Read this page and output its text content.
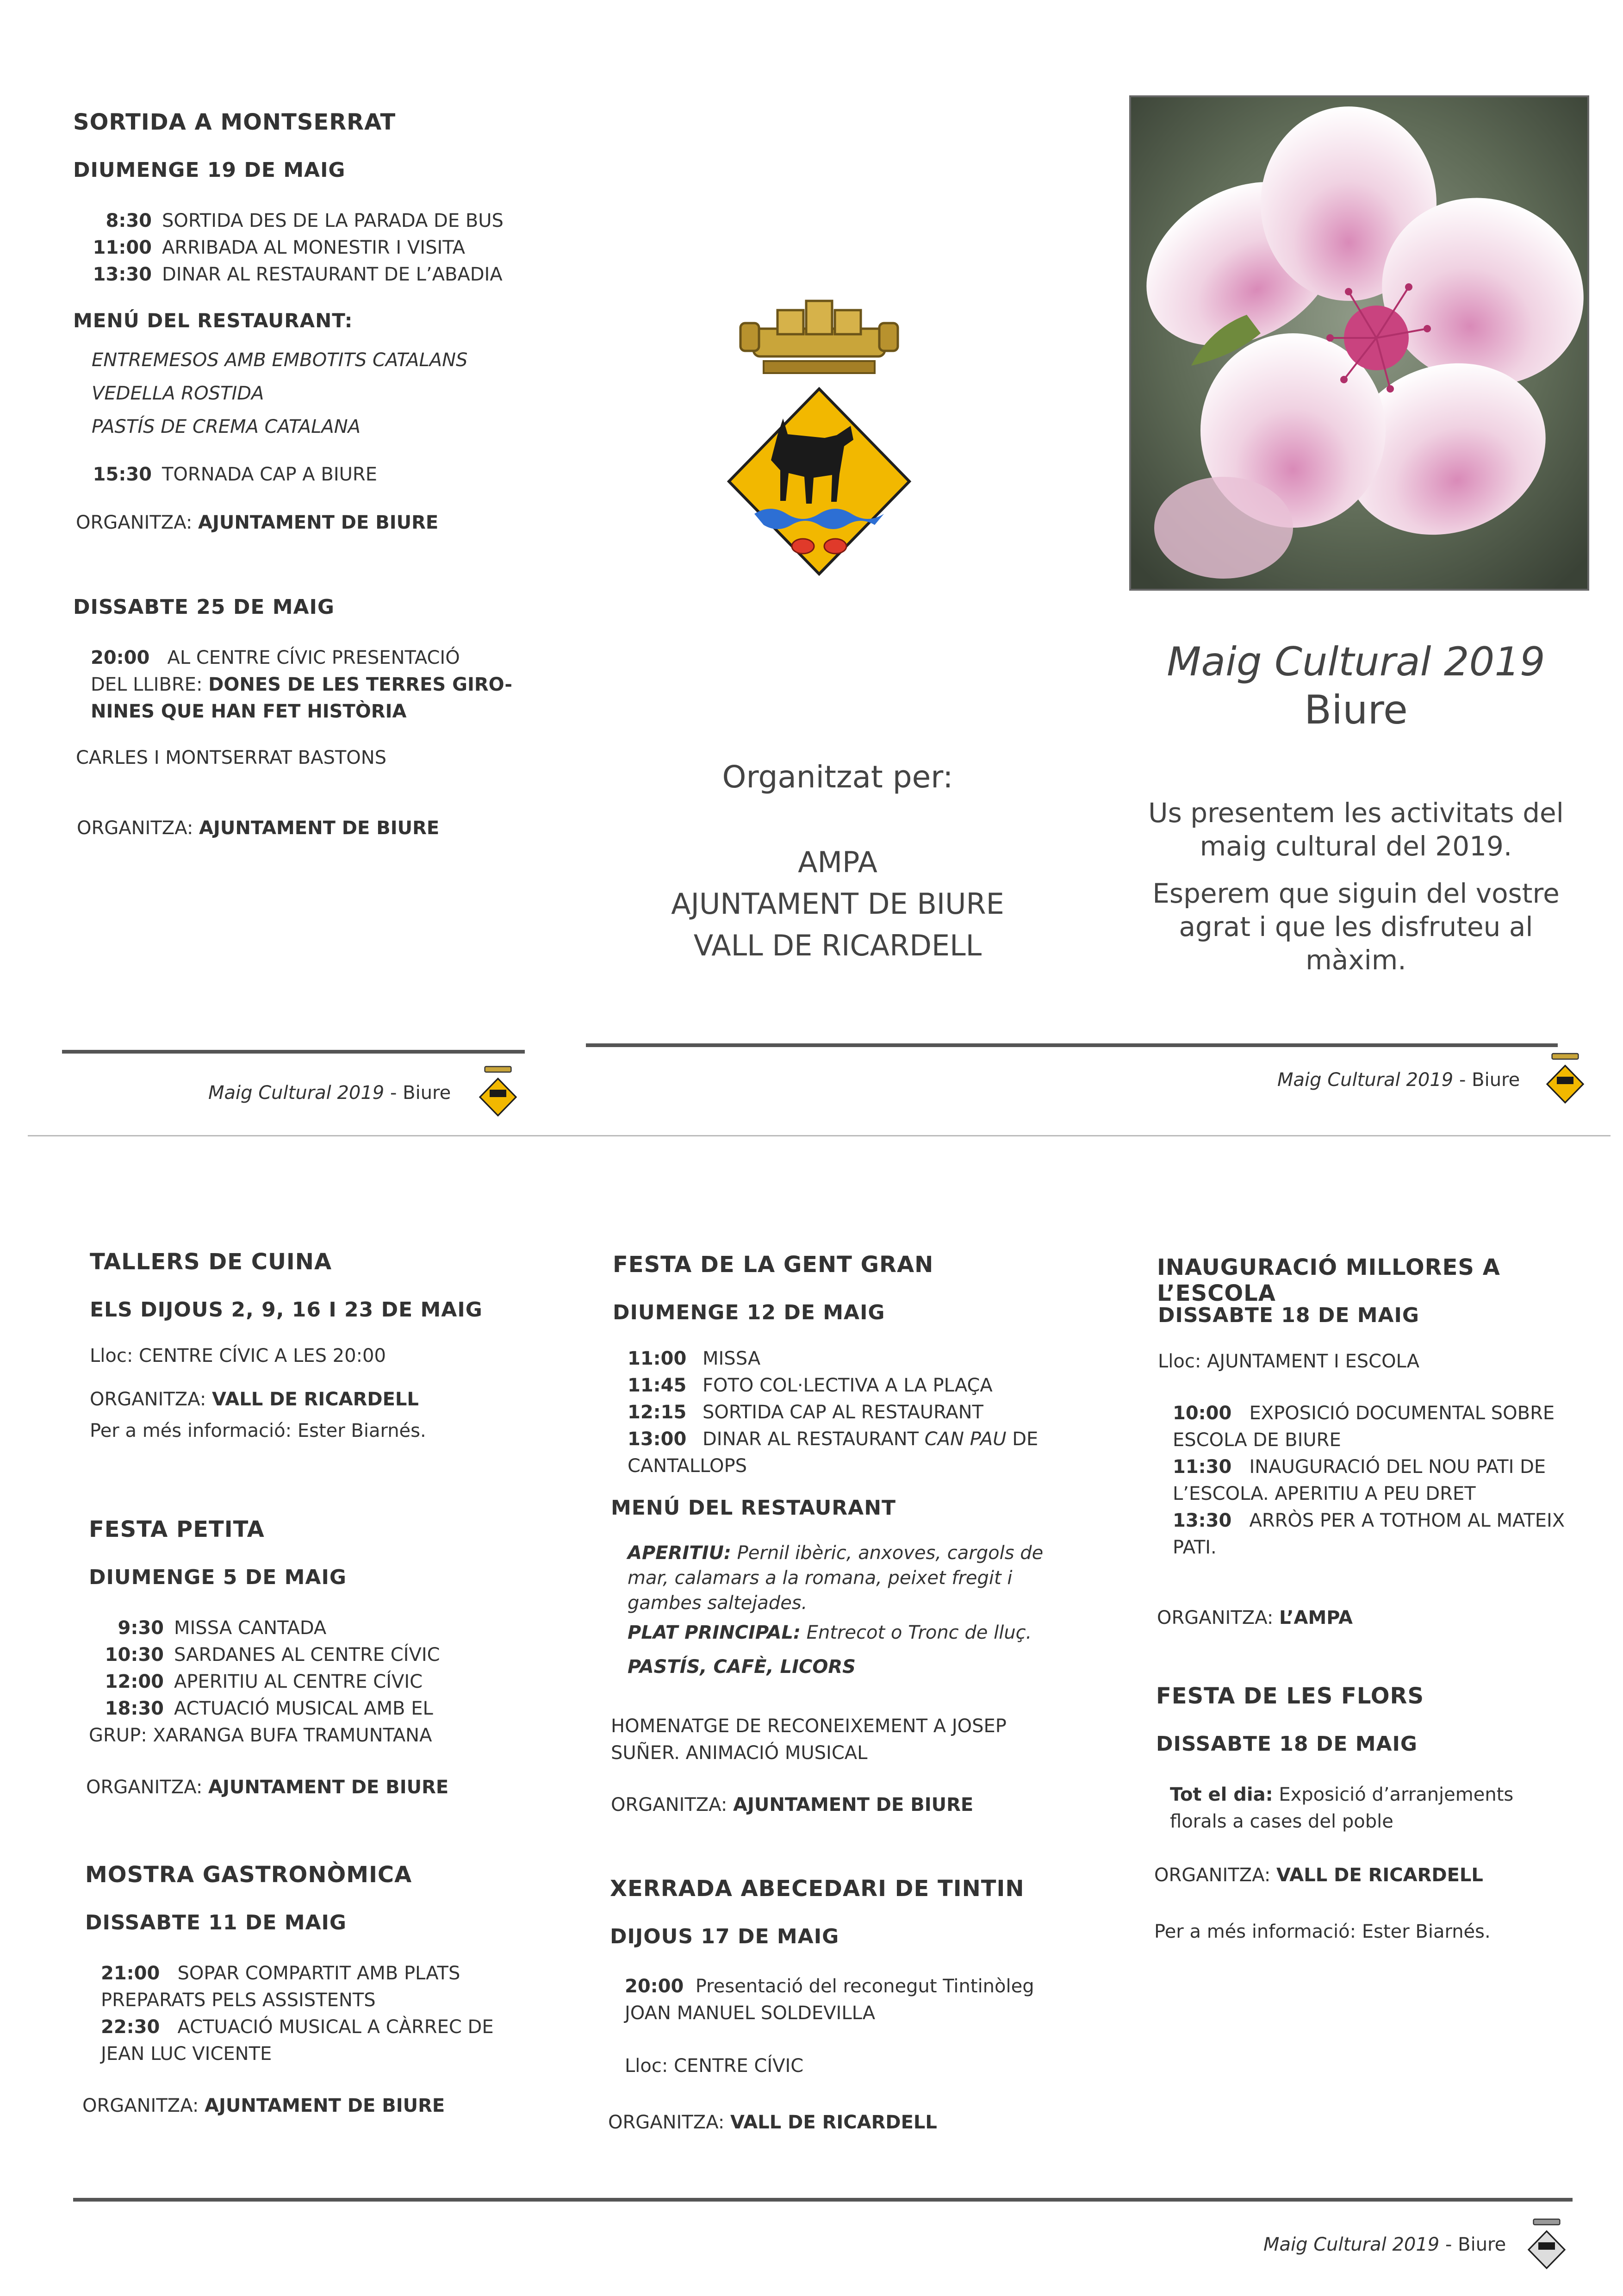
SORTIDA A MONTSERRAT
DIUMENGE 19 DE MAIG
8:30 SORTIDA DES DE LA PARADA DE BUS
11:00 ARRIBADA AL MONESTIR I VISITA
13:30 DINAR AL RESTAURANT DE L’ABADIA
MENÚ DEL RESTAURANT:
ENTREMESOS AMB EMBOTITS CATALANS
VEDELLA ROSTIDA
PASTÍS DE CREMA CATALANA
15:30 TORNADA CAP A BIURE
ORGANITZA: AJUNTAMENT DE BIURE
DISSABTE 25 DE MAIG
20:00 AL CENTRE CÍVIC PRESENTACIÓ
DEL LLIBRE: DONES DE LES TERRES GIRO-
NINES QUE HAN FET HISTÒRIA
CARLES I MONTSERRAT BASTONS
ORGANITZA: AJUNTAMENT DE BIURE
Organitzat per:
AMPA
AJUNTAMENT DE BIURE
VALL DE RICARDELL
Maig Cultural 2019
Biure
Us presentem les activitats del maig cultural del 2019.
Esperem que siguin del vostre agrat i que les disfruteu al màxim.
Maig Cultural 2019 - Biure
Maig Cultural 2019 - Biure
TALLERS DE CUINA
ELS DIJOUS 2, 9, 16 I 23 DE MAIG
Lloc: CENTRE CÍVIC A LES 20:00
ORGANITZA: VALL DE RICARDELL
Per a més informació: Ester Biarnés.
FESTA PETITA
DIUMENGE 5 DE MAIG
9:30 MISSA CANTADA
10:30 SARDANES AL CENTRE CÍVIC
12:00 APERITIU AL CENTRE CÍVIC
18:30 ACTUACIÓ MUSICAL AMB EL
GRUP: XARANGA BUFA TRAMUNTANA
ORGANITZA: AJUNTAMENT DE BIURE
MOSTRA GASTRONÒMICA
DISSABTE 11 DE MAIG
21:00 SOPAR COMPARTIT AMB PLATS
PREPARATS PELS ASSISTENTS
22:30 ACTUACIÓ MUSICAL A CÀRREC DE
JEAN LUC VICENTE
ORGANITZA: AJUNTAMENT DE BIURE
FESTA DE LA GENT GRAN
DIUMENGE 12 DE MAIG
11:00 MISSA
11:45 FOTO COL·LECTIVA A LA PLAÇA
12:15 SORTIDA CAP AL RESTAURANT
13:00 DINAR AL RESTAURANT CAN PAU DE
CANTALLOPS
MENÚ DEL RESTAURANT
APERITIU: Pernil ibèric, anxoves, cargols de mar, calamars a la romana, peixet fregit i gambes saltejades.
PLAT PRINCIPAL: Entrecot o Tronc de lluç.
PASTÍS, CAFÈ, LICORS
HOMENATGE DE RECONEIXEMENT A JOSEP SUÑER. ANIMACIÓ MUSICAL
ORGANITZA: AJUNTAMENT DE BIURE
XERRADA ABECEDARI DE TINTIN
DIJOUS 17 DE MAIG
20:00 Presentació del reconegut Tintinòleg
JOAN MANUEL SOLDEVILLA
Lloc: CENTRE CÍVIC
ORGANITZA: VALL DE RICARDELL
INAUGURACIÓ MILLORES A L’ESCOLA
DISSABTE 18 DE MAIG
Lloc: AJUNTAMENT I ESCOLA
10:00 EXPOSICIÓ DOCUMENTAL SOBRE
ESCOLA DE BIURE
11:30 INAUGURACIÓ DEL NOU PATI DE
L’ESCOLA. APERITIU A PEU DRET
13:30 ARRÒS PER A TOTHOM AL MATEIX
PATI.
ORGANITZA: L’AMPA
FESTA DE LES FLORS
DISSABTE 18 DE MAIG
Tot el dia: Exposició d’arranjements florals a cases del poble
ORGANITZA: VALL DE RICARDELL
Per a més informació: Ester Biarnés.
Maig Cultural 2019 - Biure
